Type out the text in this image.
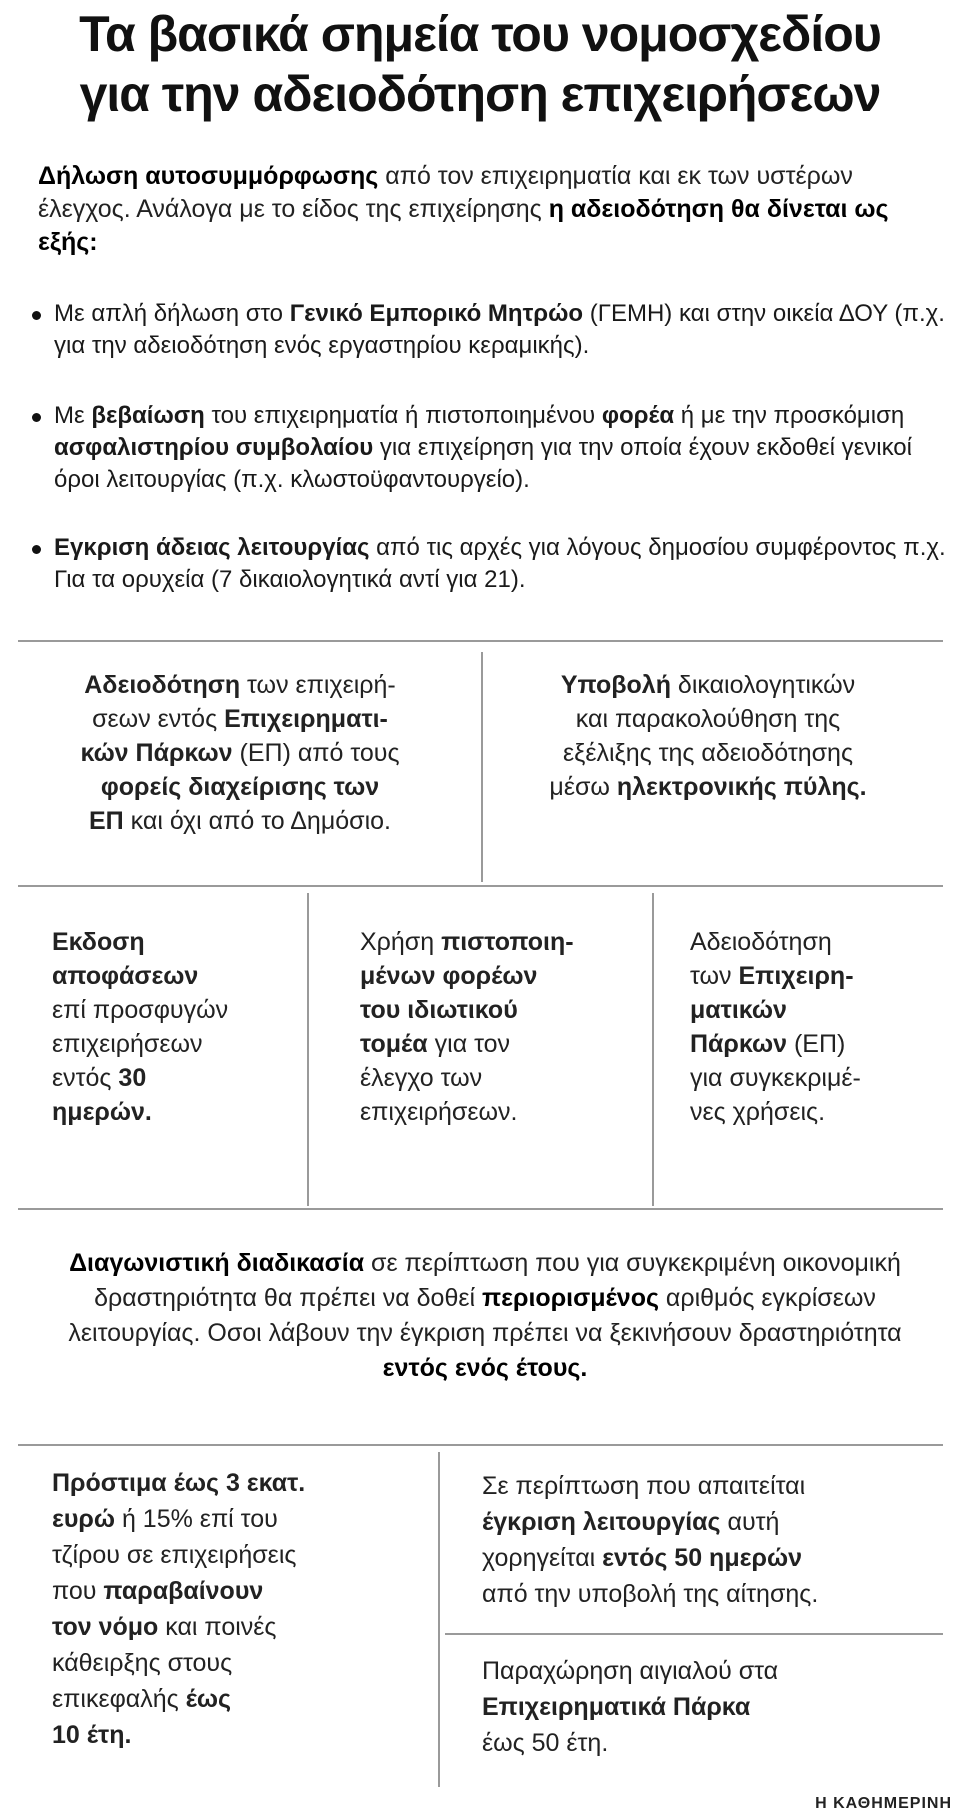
Τα βασικά σημεία του νομοσχεδίου
για την αδειοδότηση επιχειρήσεων
Δήλωση αυτοσυμμόρφωσης από τον επιχειρηματία και εκ των υστέρων έλεγχος. Ανάλογα με το είδος της επιχείρησης η αδειοδότηση θα δίνεται ως εξής:
Με απλή δήλωση στο Γενικό Εμπορικό Μητρώο (ΓΕΜΗ) και στην οικεία ΔΟΥ (π.χ. για την αδειοδότηση ενός εργαστηρίου κεραμικής).
Με βεβαίωση του επιχειρηματία ή πιστοποιημένου φορέα ή με την προσκόμιση ασφαλιστηρίου συμβολαίου για επιχείρηση για την οποία έχουν εκδοθεί γενικοί όροι λειτουργίας (π.χ. κλωστοϋφαντουργείο).
Εγκριση άδειας λειτουργίας από τις αρχές για λόγους δημοσίου συμφέροντος π.χ. Για τα ορυχεία (7 δικαιολογητικά αντί για 21).
Αδειοδότηση των επιχειρή-
σεων εντός Επιχειρηματι-
κών Πάρκων (ΕΠ) από τους
φορείς διαχείρισης των
ΕΠ και όχι από το Δημόσιο.
Υποβολή δικαιολογητικών
και παρακολούθηση της
εξέλιξης της αδειοδότησης
μέσω ηλεκτρονικής πύλης.
Εκδοση
αποφάσεων
επί προσφυγών
επιχειρήσεων
εντός 30
ημερών.
Χρήση πιστοποιη-
μένων φορέων
του ιδιωτικού
τομέα για τον
έλεγχο των
επιχειρήσεων.
Αδειοδότηση
των Επιχειρη-
ματικών
Πάρκων (ΕΠ)
για συγκεκριμέ-
νες χρήσεις.
Διαγωνιστική διαδικασία σε περίπτωση που για συγκεκριμένη οικονομική δραστηριότητα θα πρέπει να δοθεί περιορισμένος αριθμός εγκρίσεων λειτουργίας. Οσοι λάβουν την έγκριση πρέπει να ξεκινήσουν δραστηριότητα εντός ενός έτους.
Πρόστιμα έως 3 εκατ.
ευρώ ή 15% επί του
τζίρου σε επιχειρήσεις
που παραβαίνουν
τον νόμο και ποινές
κάθειρξης στους
επικεφαλής έως
10 έτη.
Σε περίπτωση που απαιτείται
έγκριση λειτουργίας αυτή
χορηγείται εντός 50 ημερών
από την υποβολή της αίτησης.
Παραχώρηση αιγιαλού στα
Επιχειρηματικά Πάρκα
έως 50 έτη.
Η ΚΑΘΗΜΕΡΙΝΗ
